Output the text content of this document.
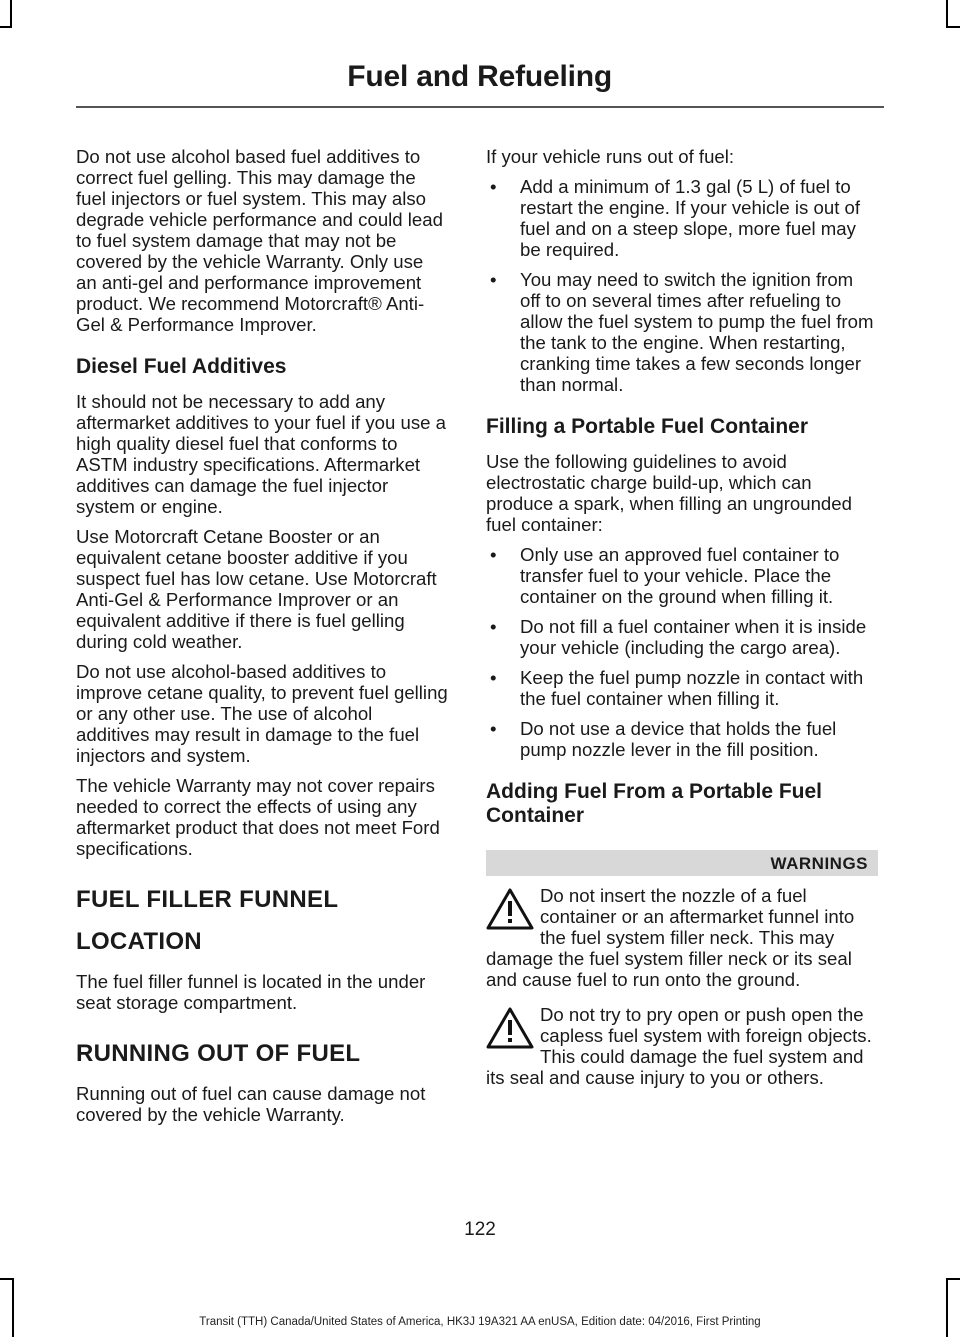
Fuel and Refueling

Do not use alcohol based fuel additives to correct fuel gelling. This may damage the fuel injectors or fuel system. This may also degrade vehicle performance and could lead to fuel system damage that may not be covered by the vehicle Warranty. Only use an anti-gel and performance improvement product. We recommend Motorcraft® Anti-Gel & Performance Improver.

Diesel Fuel Additives

It should not be necessary to add any aftermarket additives to your fuel if you use a high quality diesel fuel that conforms to ASTM industry specifications. Aftermarket additives can damage the fuel injector system or engine.

Use Motorcraft Cetane Booster or an equivalent cetane booster additive if you suspect fuel has low cetane. Use Motorcraft Anti-Gel & Performance Improver or an equivalent additive if there is fuel gelling during cold weather.

Do not use alcohol-based additives to improve cetane quality, to prevent fuel gelling or any other use. The use of alcohol additives may result in damage to the fuel injectors and system.

The vehicle Warranty may not cover repairs needed to correct the effects of using any aftermarket product that does not meet Ford specifications.

FUEL FILLER FUNNEL
LOCATION

The fuel filler funnel is located in the under seat storage compartment.

RUNNING OUT OF FUEL

Running out of fuel can cause damage not covered by the vehicle Warranty.

If your vehicle runs out of fuel:

• Add a minimum of 1.3 gal (5 L) of fuel to restart the engine. If your vehicle is out of fuel and on a steep slope, more fuel may be required.
• You may need to switch the ignition from off to on several times after refueling to allow the fuel system to pump the fuel from the tank to the engine. When restarting, cranking time takes a few seconds longer than normal.
Filling a Portable Fuel Container

Use the following guidelines to avoid electrostatic charge build-up, which can produce a spark, when filling an ungrounded fuel container:

• Only use an approved fuel container to transfer fuel to your vehicle. Place the container on the ground when filling it.
• Do not fill a fuel container when it is inside your vehicle (including the cargo area).
• Keep the fuel pump nozzle in contact with the fuel container when filling it.
• Do not use a device that holds the fuel pump nozzle lever in the fill position.
Adding Fuel From a Portable Fuel Container
WARNINGS
Do not insert the nozzle of a fuel container or an aftermarket funnel into the fuel system filler neck. This may damage the fuel system filler neck or its seal and cause fuel to run onto the ground.
Do not try to pry open or push open the capless fuel system with foreign objects. This could damage the fuel system and its seal and cause injury to you or others.
122
Transit (TTH) Canada/United States of America, HK3J 19A321 AA enUSA, Edition date: 04/2016, First Printing
